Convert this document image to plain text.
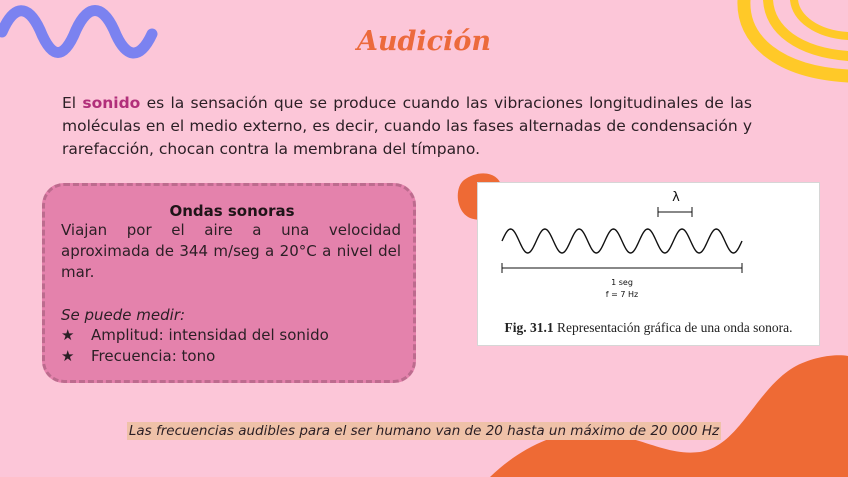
Audición
El sonido es la sensación que se produce cuando las vibraciones longitudinales de las moléculas en el medio externo, es decir, cuando las fases alternadas de condensación y rarefacción, chocan contra la membrana del tímpano.
Ondas sonoras
Viajan por el aire a una velocidad aproximada de 344 m/seg a 20°C a nivel del mar.
Se puede medir:
★ Amplitud: intensidad del sonido
★ Frecuencia: tono
λ
1 seg
f = 7 Hz
Fig. 31.1 Representación gráfica de una onda sonora.
Las frecuencias audibles para el ser humano van de 20 hasta un máximo de 20 000 Hz
